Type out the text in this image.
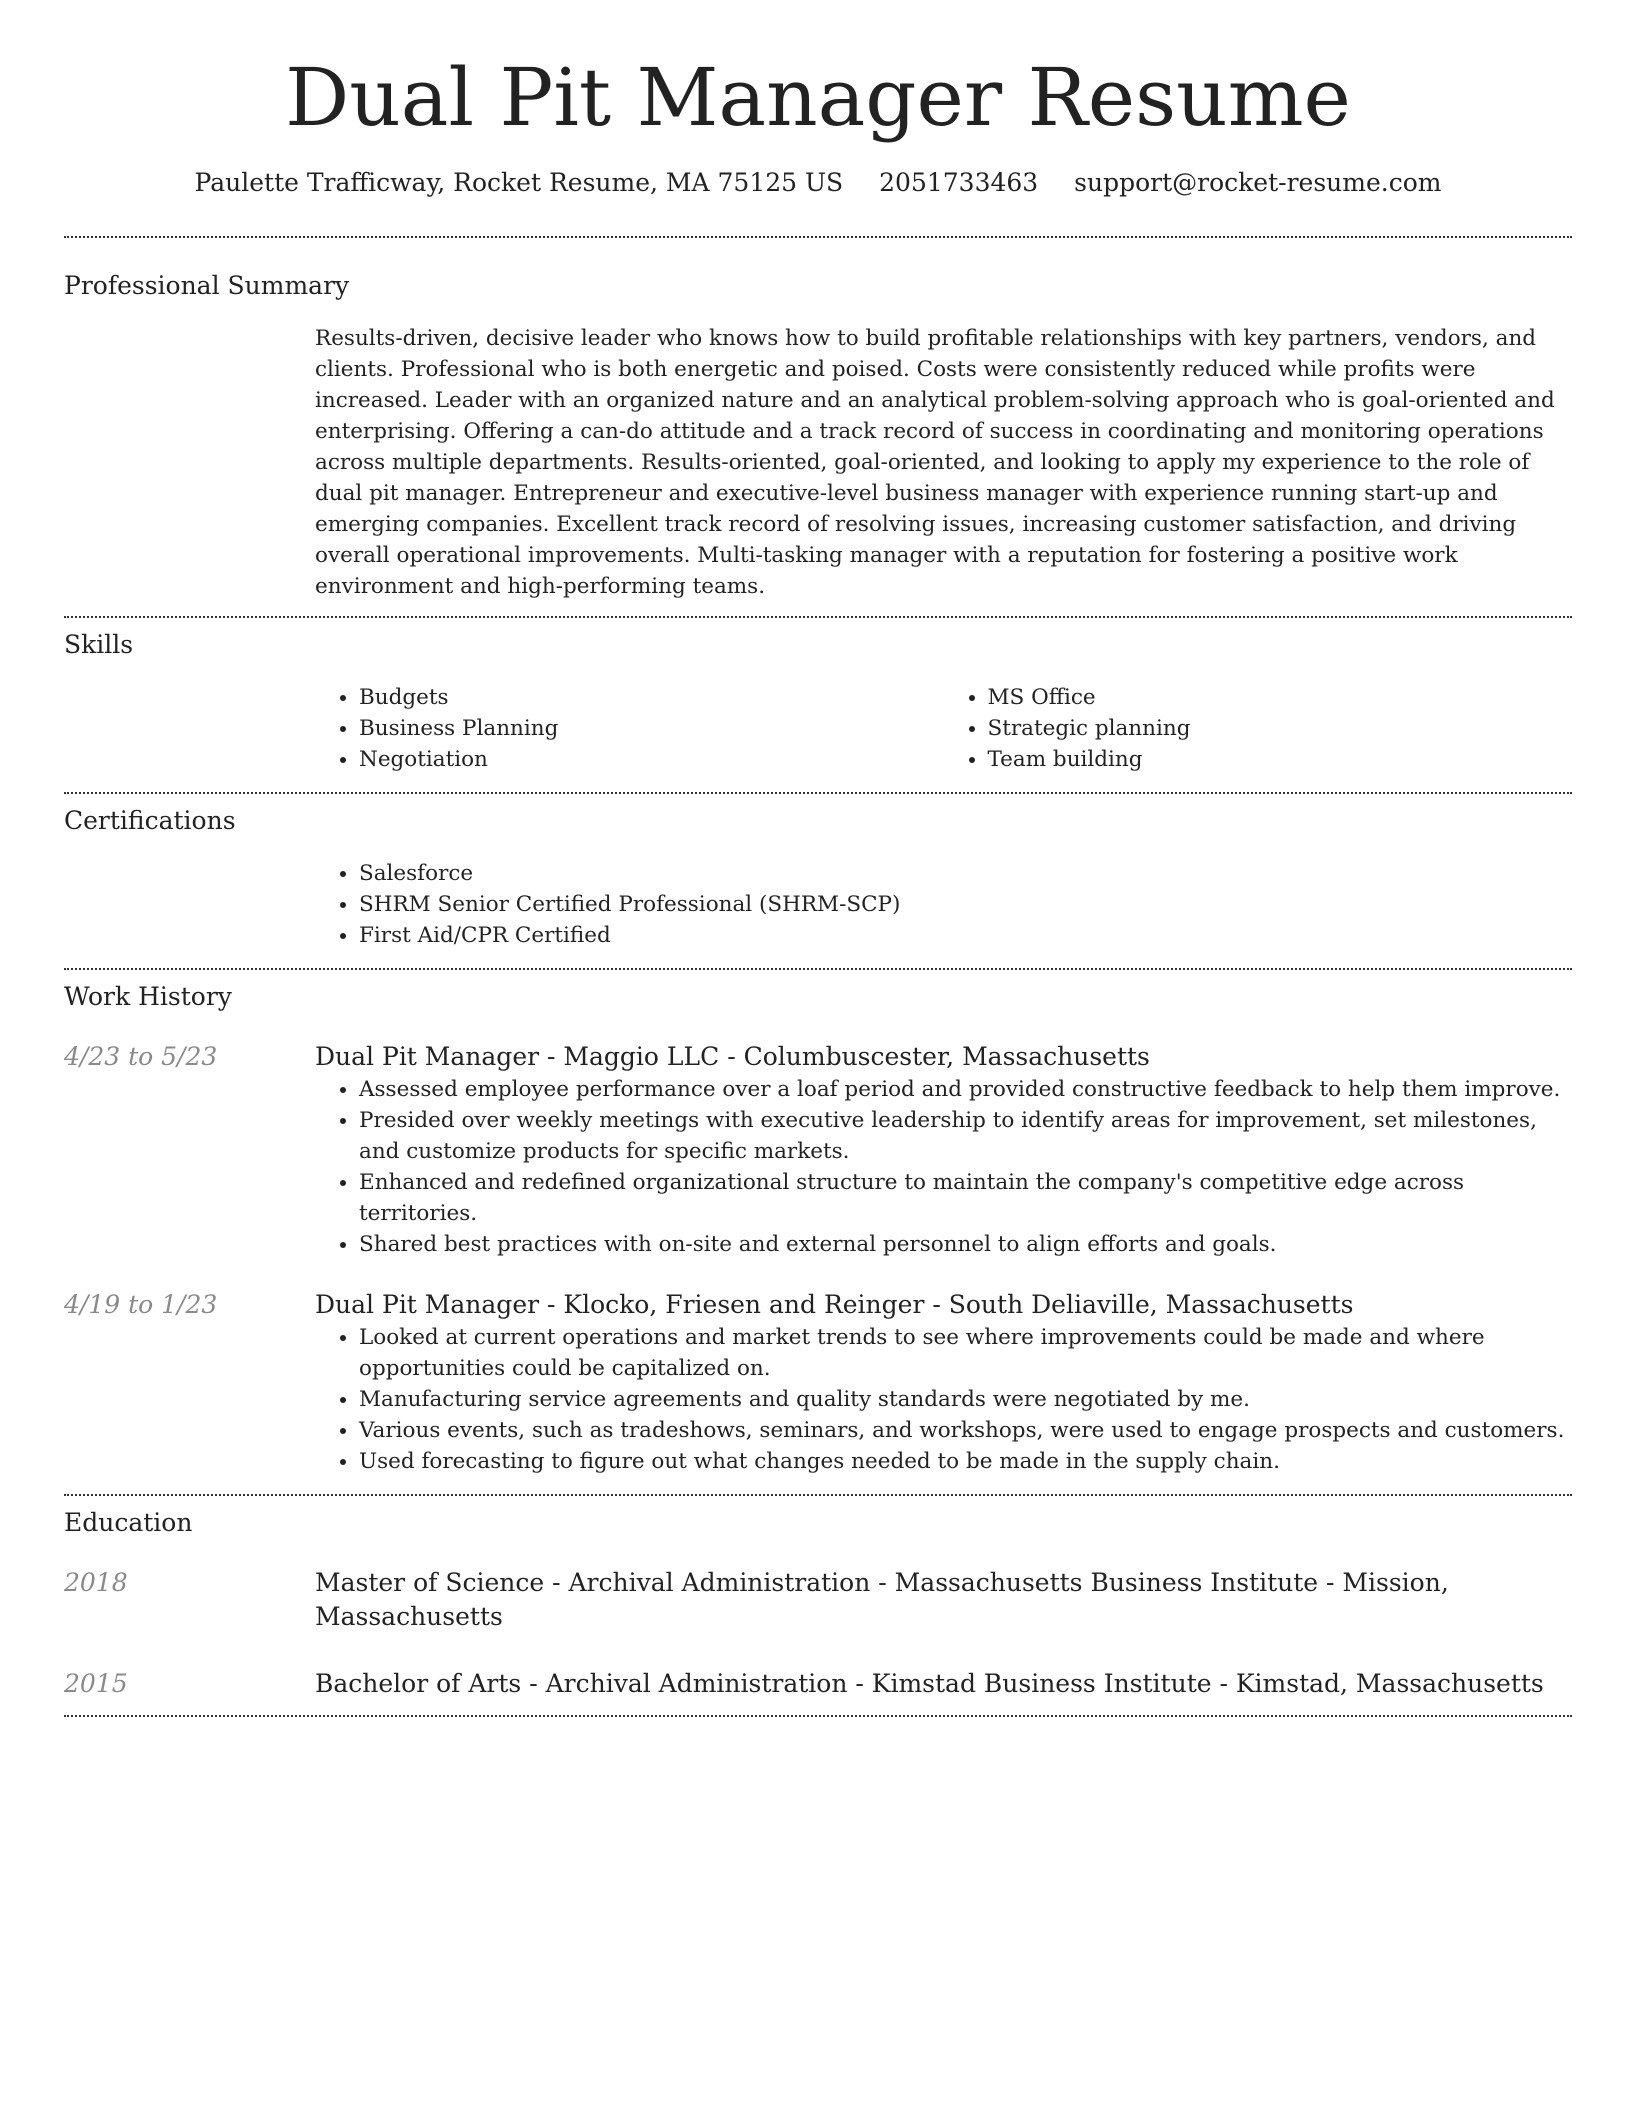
Dual Pit Manager Resume
Paulette Trafficway, Rocket Resume, MA 75125 US 2051733463 support@rocket-resume.com
Professional Summary
Results-driven, decisive leader who knows how to build profitable relationships with key partners, vendors, and clients. Professional who is both energetic and poised. Costs were consistently reduced while profits were increased. Leader with an organized nature and an analytical problem-solving approach who is goal-oriented and enterprising. Offering a can-do attitude and a track record of success in coordinating and monitoring operations across multiple departments. Results-oriented, goal-oriented, and looking to apply my experience to the role of dual pit manager. Entrepreneur and executive-level business manager with experience running start-up and emerging companies. Excellent track record of resolving issues, increasing customer satisfaction, and driving overall operational improvements. Multi-tasking manager with a reputation for fostering a positive work environment and high-performing teams.
Skills
• Budgets
• Business Planning
• Negotiation
• MS Office
• Strategic planning
• Team building
Certifications
• Salesforce
• SHRM Senior Certified Professional (SHRM-SCP)
• First Aid/CPR Certified
Work History
4/23 to 5/23	Dual Pit Manager - Maggio LLC - Columbuscester, Massachusetts
• Assessed employee performance over a loaf period and provided constructive feedback to help them improve.
• Presided over weekly meetings with executive leadership to identify areas for improvement, set milestones, and customize products for specific markets.
• Enhanced and redefined organizational structure to maintain the company's competitive edge across territories.
• Shared best practices with on-site and external personnel to align efforts and goals.
4/19 to 1/23	Dual Pit Manager - Klocko, Friesen and Reinger - South Deliaville, Massachusetts
• Looked at current operations and market trends to see where improvements could be made and where opportunities could be capitalized on.
• Manufacturing service agreements and quality standards were negotiated by me.
• Various events, such as tradeshows, seminars, and workshops, were used to engage prospects and customers.
• Used forecasting to figure out what changes needed to be made in the supply chain.
Education
2018	Master of Science - Archival Administration - Massachusetts Business Institute - Mission, Massachusetts
2015	Bachelor of Arts - Archival Administration - Kimstad Business Institute - Kimstad, Massachusetts
